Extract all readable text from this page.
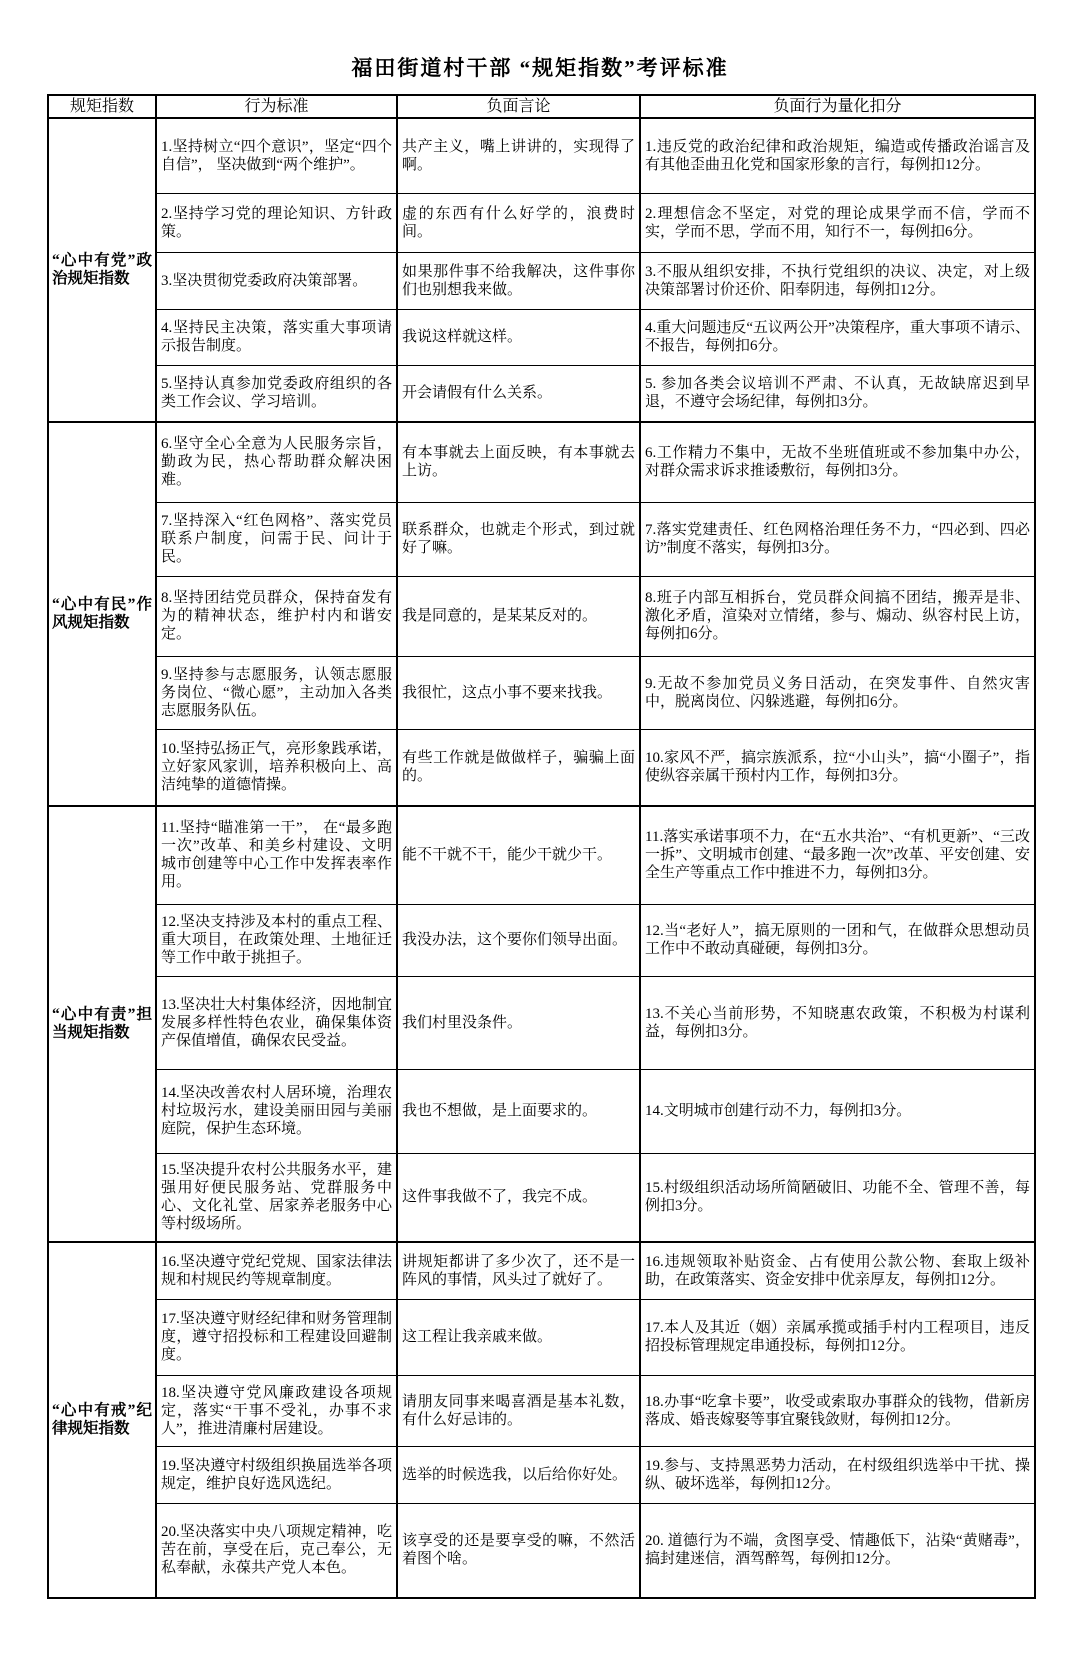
福田街道村干部 “规矩指数”考评标准
规矩指数	行为标准	负面言论	负面行为量化扣分
“心中有党”政治规矩指数	1.坚持树立“四个意识”，坚定“四个自信”， 坚决做到“两个维护”。	共产主义，嘴上讲讲的，实现得了啊。	1.违反党的政治纪律和政治规矩，编造或传播政治谣言及有其他歪曲丑化党和国家形象的言行，每例扣12分。
	2.坚持学习党的理论知识、方针政策。	虚的东西有什么好学的，浪费时间。	2.理想信念不坚定，对党的理论成果学而不信，学而不实，学而不思，学而不用，知行不一，每例扣6分。
	3.坚决贯彻党委政府决策部署。	如果那件事不给我解决，这件事你们也别想我来做。	3.不服从组织安排，不执行党组织的决议、决定，对上级决策部署讨价还价、阳奉阴违，每例扣12分。
	4.坚持民主决策，落实重大事项请示报告制度。	我说这样就这样。	4.重大问题违反“五议两公开”决策程序，重大事项不请示、不报告，每例扣6分。
	5.坚持认真参加党委政府组织的各类工作会议、学习培训。	开会请假有什么关系。	5. 参加各类会议培训不严肃、不认真，无故缺席迟到早退，不遵守会场纪律，每例扣3分。
“心中有民”作风规矩指数	6.坚守全心全意为人民服务宗旨，勤政为民，热心帮助群众解决困难。	有本事就去上面反映，有本事就去上访。	6.工作精力不集中，无故不坐班值班或不参加集中办公，对群众需求诉求推诿敷衍，每例扣3分。
	7.坚持深入“红色网格”、落实党员联系户制度，问需于民、问计于民。	联系群众，也就走个形式，到过就好了嘛。	7.落实党建责任、红色网格治理任务不力，“四必到、四必访”制度不落实，每例扣3分。
	8.坚持团结党员群众，保持奋发有为的精神状态，维护村内和谐安定。	我是同意的，是某某反对的。	8.班子内部互相拆台，党员群众间搞不团结，搬弄是非、激化矛盾，渲染对立情绪，参与、煽动、纵容村民上访，每例扣6分。
	9.坚持参与志愿服务，认领志愿服务岗位、“微心愿”，主动加入各类志愿服务队伍。	我很忙，这点小事不要来找我。	9.无故不参加党员义务日活动，在突发事件、自然灾害中，脱离岗位、闪躲逃避，每例扣6分。
	10.坚持弘扬正气，亮形象践承诺，立好家风家训，培养积极向上、高洁纯挚的道德情操。	有些工作就是做做样子，骗骗上面的。	10.家风不严，搞宗族派系，拉“小山头”，搞“小圈子”，指使纵容亲属干预村内工作，每例扣3分。
“心中有责”担当规矩指数	11.坚持“瞄准第一干”， 在“最多跑一次”改革、和美乡村建设、文明城市创建等中心工作中发挥表率作用。	能不干就不干，能少干就少干。	11.落实承诺事项不力，在“五水共治”、“有机更新”、“三改一拆”、文明城市创建、“最多跑一次”改革、平安创建、安全生产等重点工作中推进不力，每例扣3分。
	12.坚决支持涉及本村的重点工程、重大项目，在政策处理、土地征迁等工作中敢于挑担子。	我没办法，这个要你们领导出面。	12.当“老好人”，搞无原则的一团和气，在做群众思想动员工作中不敢动真碰硬，每例扣3分。
	13.坚决壮大村集体经济，因地制宜发展多样性特色农业，确保集体资产保值增值，确保农民受益。	我们村里没条件。	13.不关心当前形势，不知晓惠农政策，不积极为村谋利益，每例扣3分。
	14.坚决改善农村人居环境，治理农村垃圾污水，建设美丽田园与美丽庭院，保护生态环境。	我也不想做，是上面要求的。	14.文明城市创建行动不力，每例扣3分。
	15.坚决提升农村公共服务水平，建强用好便民服务站、党群服务中心、文化礼堂、居家养老服务中心等村级场所。	这件事我做不了，我完不成。	15.村级组织活动场所简陋破旧、功能不全、管理不善，每例扣3分。
“心中有戒”纪律规矩指数	16.坚决遵守党纪党规、国家法律法规和村规民约等规章制度。	讲规矩都讲了多少次了，还不是一阵风的事情，风头过了就好了。	16.违规领取补贴资金、占有使用公款公物、套取上级补助，在政策落实、资金安排中优亲厚友，每例扣12分。
	17.坚决遵守财经纪律和财务管理制度，遵守招投标和工程建设回避制度。	这工程让我亲戚来做。	17.本人及其近（姻）亲属承揽或插手村内工程项目，违反招投标管理规定串通投标，每例扣12分。
	18.坚决遵守党风廉政建设各项规定，落实“干事不受礼，办事不求人”，推进清廉村居建设。	请朋友同事来喝喜酒是基本礼数，有什么好忌讳的。	18.办事“吃拿卡要”，收受或索取办事群众的钱物，借新房落成、婚丧嫁娶等事宜聚钱敛财，每例扣12分。
	19.坚决遵守村级组织换届选举各项规定，维护良好选风选纪。	选举的时候选我，以后给你好处。	19.参与、支持黑恶势力活动，在村级组织选举中干扰、操纵、破坏选举，每例扣12分。
	20.坚决落实中央八项规定精神，吃苦在前，享受在后，克己奉公，无私奉献，永葆共产党人本色。	该享受的还是要享受的嘛，不然活着图个啥。	20. 道德行为不端，贪图享受、情趣低下，沾染“黄赌毒”，搞封建迷信，酒驾醉驾，每例扣12分。
